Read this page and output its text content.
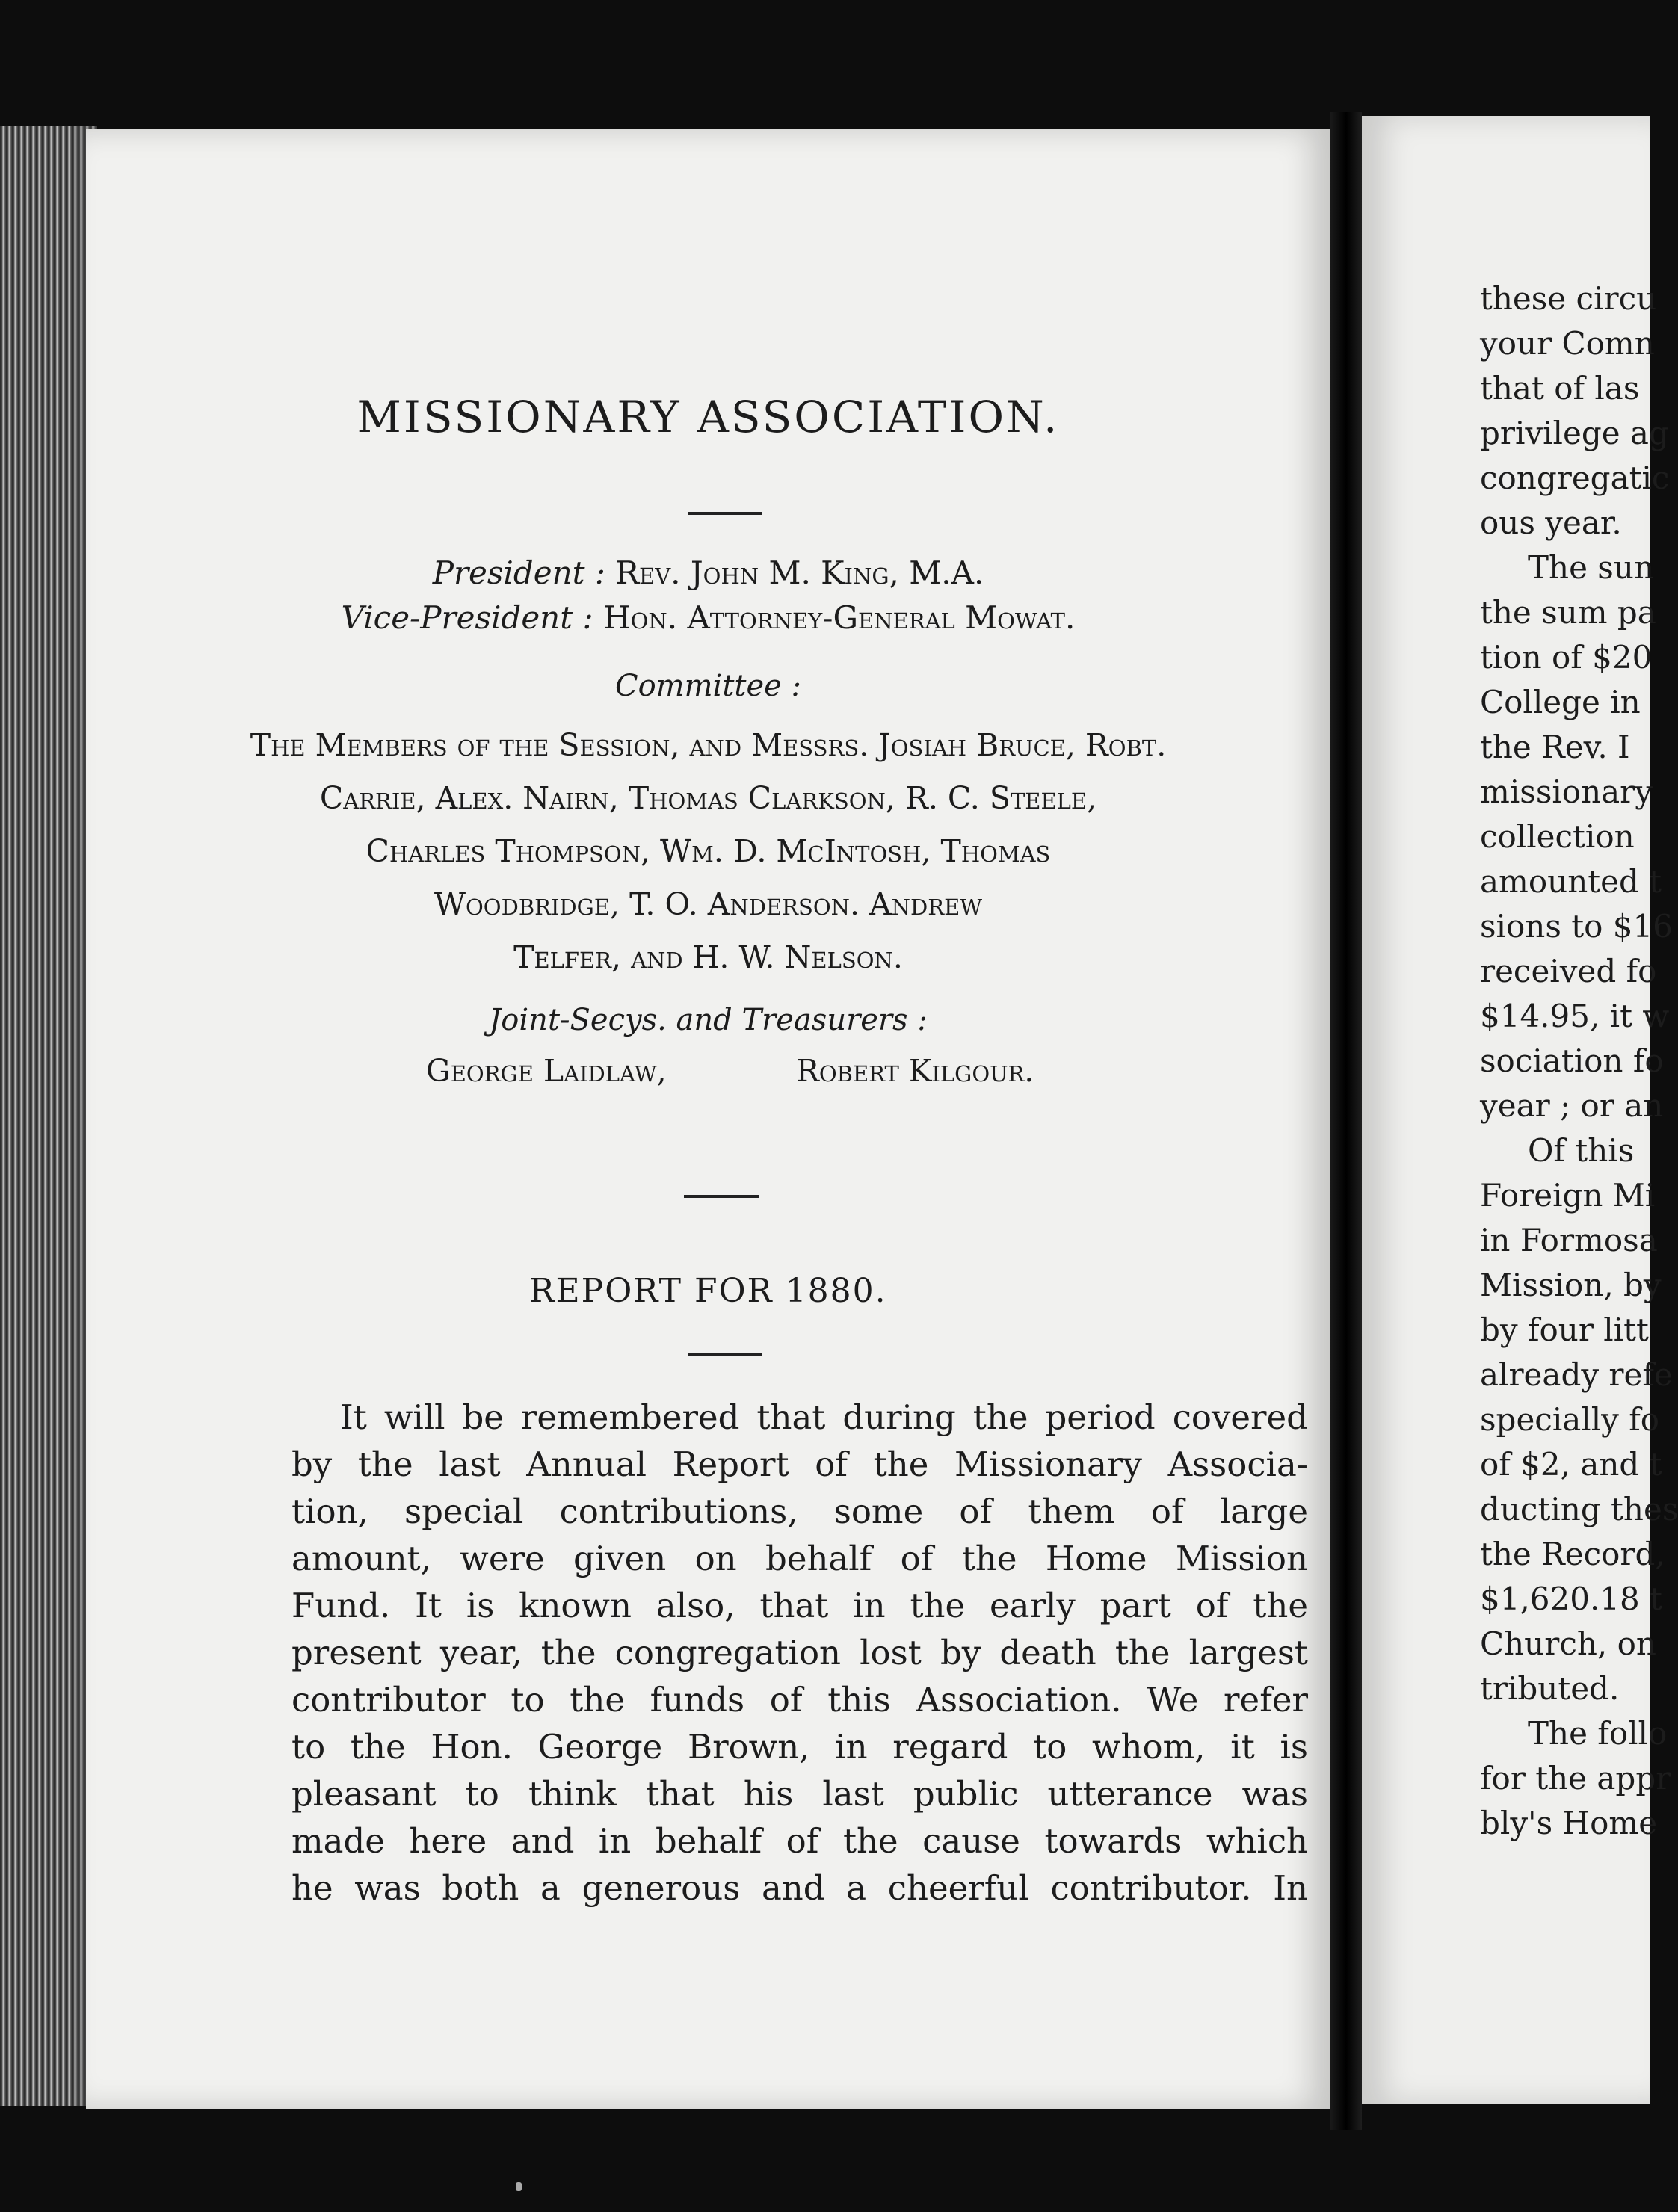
MISSIONARY ASSOCIATION.
President : Rev. John M. King, M.A.
Vice-President : Hon. Attorney-General Mowat.
Committee :
The Members of the Session, and Messrs. Josiah Bruce, Robt.
Carrie, Alex. Nairn, Thomas Clarkson, R. C. Steele,
Charles Thompson, Wm. D. McIntosh, Thomas
Woodbridge, T. O. Anderson. Andrew
Telfer, and H. W. Nelson.
Joint-Secys. and Treasurers :
George Laidlaw,	Robert Kilgour.
REPORT FOR 1880.
It will be remembered that during the period covered
by the last Annual Report of the Missionary Associa-
tion, special contributions, some of them of large
amount, were given on behalf of the Home Mission
Fund. It is known also, that in the early part of the
present year, the congregation lost by death the largest
contributor to the funds of this Association. We refer
to the Hon. George Brown, in regard to whom, it is
pleasant to think that his last public utterance was
made here and in behalf of the cause towards which
he was both a generous and a cheerful contributor. In
these circu
your Comn
that of las
privilege ag
congregatic
ous year.
The sun
the sum pa
tion of $20
College in
the Rev. I
missionary
collection
amounted t
sions to $16
received fo
$14.95, it w
sociation fo
year ; or an
Of this
Foreign Mi
in Formosa
Mission, by
by four litt
already refe
specially fo
of $2, and t
ducting thes
the Record,
$1,620.18 t
Church, on
tributed.
The follo
for the appr
bly's Home
